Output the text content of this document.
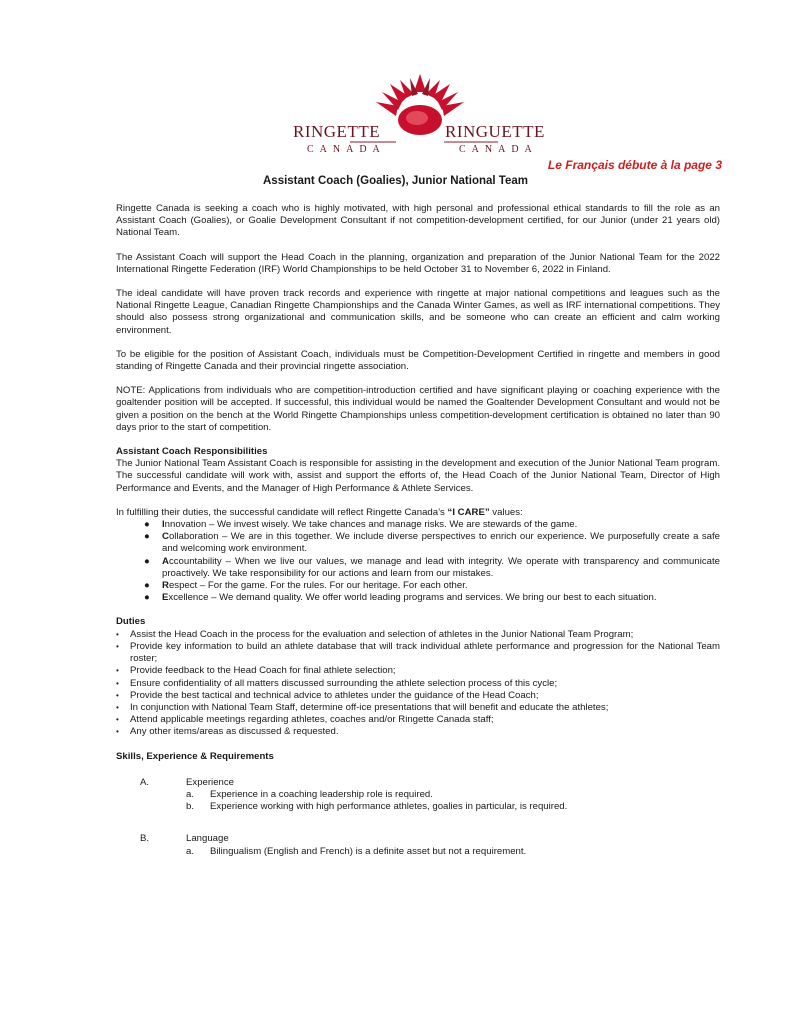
RINGETTE
CANADA
RINGUETTE
CANADA
Le Français débute à la page 3
Assistant Coach (Goalies), Junior National Team

Ringette Canada is seeking a coach who is highly motivated, with high personal and professional ethical standards to fill the role as an Assistant Coach (Goalies), or Goalie Development Consultant if not competition-development certified, for our Junior (under 21 years old) National Team.

The Assistant Coach will support the Head Coach in the planning, organization and preparation of the Junior National Team for the 2022 International Ringette Federation (IRF) World Championships to be held October 31 to November 6, 2022 in Finland.

The ideal candidate will have proven track records and experience with ringette at major national competitions and leagues such as the National Ringette League, Canadian Ringette Championships and the Canada Winter Games, as well as IRF international competitions. They should also possess strong organizational and communication skills, and be someone who can create an efficient and calm working environment.

To be eligible for the position of Assistant Coach, individuals must be Competition-Development Certified in ringette and members in good standing of Ringette Canada and their provincial ringette association.

NOTE: Applications from individuals who are competition-introduction certified and have significant playing or coaching experience with the goaltender position will be accepted. If successful, this individual would be named the Goaltender Development Consultant and would not be given a position on the bench at the World Ringette Championships unless competition-development certification is obtained no later than 90 days prior to the start of competition.

Assistant Coach Responsibilities

The Junior National Team Assistant Coach is responsible for assisting in the development and execution of the Junior National Team program. The successful candidate will work with, assist and support the efforts of, the Head Coach of the Junior National Team, Director of High Performance and Events, and the Manager of High Performance & Athlete Services.

In fulfilling their duties, the successful candidate will reflect Ringette Canada’s “I CARE” values:
● Innovation – We invest wisely. We take chances and manage risks. We are stewards of the game.
● Collaboration – We are in this together. We include diverse perspectives to enrich our experience. We purposefully create a safe and welcoming work environment.
● Accountability – When we live our values, we manage and lead with integrity. We operate with transparency and communicate proactively. We take responsibility for our actions and learn from our mistakes.
● Respect – For the game. For the rules. For our heritage. For each other.
● Excellence – We demand quality. We offer world leading programs and services. We bring our best to each situation.
Duties
• Assist the Head Coach in the process for the evaluation and selection of athletes in the Junior National Team Program;
• Provide key information to build an athlete database that will track individual athlete performance and progression for the National Team roster;
• Provide feedback to the Head Coach for final athlete selection;
• Ensure confidentiality of all matters discussed surrounding the athlete selection process of this cycle;
• Provide the best tactical and technical advice to athletes under the guidance of the Head Coach;
• In conjunction with National Team Staff, determine off-ice presentations that will benefit and educate the athletes;
• Attend applicable meetings regarding athletes, coaches and/or Ringette Canada staff;
• Any other items/areas as discussed & requested.
Skills, Experience & Requirements
A.	Experience
a. Experience in a coaching leadership role is required.
b. Experience working with high performance athletes, goalies in particular, is required.
B.	Language
a. Bilingualism (English and French) is a definite asset but not a requirement.
